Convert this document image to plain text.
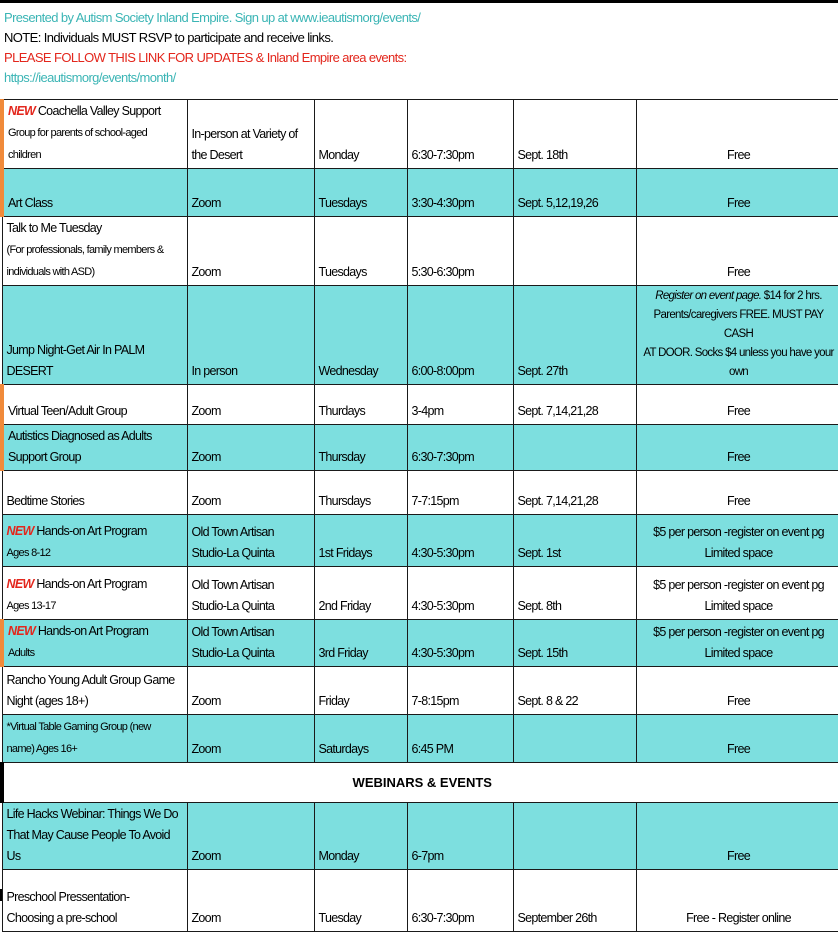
Presented by Autism Society Inland Empire. Sign up at www.ieautismorg/events/
NOTE: Individuals MUST RSVP to participate and receive links.
PLEASE FOLLOW THIS LINK FOR UPDATES & Inland Empire area events:
https://ieautismorg/events/month/
NEW Coachella Valley Support
Group for parents of school-aged
children	In-person at Variety of
the Desert	Monday	6:30-7:30pm	Sept. 18th	Free
Art Class	Zoom	Tuesdays	3:30-4:30pm	Sept. 5,12,19,26	Free
Talk to Me Tuesday
(For professionals, family members &
individuals with ASD)	Zoom	Tuesdays	5:30-6:30pm		Free
Jump Night-Get Air In PALM
DESERT	In person	Wednesday	6:00-8:00pm	Sept. 27th	Register on event page. $14 for 2 hrs.
Parents/caregivers FREE. MUST PAY CASH
AT DOOR. Socks $4 unless you have your
own
Virtual Teen/Adult Group	Zoom	Thurdays	3-4pm	Sept. 7,14,21,28	Free
Autistics Diagnosed as Adults
Support Group	Zoom	Thursday	6:30-7:30pm		Free
Bedtime Stories	Zoom	Thursdays	7-7:15pm	Sept. 7,14,21,28	Free
NEW Hands-on Art Program
Ages 8-12	Old Town Artisan
Studio-La Quinta	1st Fridays	4:30-5:30pm	Sept. 1st	$5 per person -register on event pg
Limited space
NEW Hands-on Art Program
Ages 13-17	Old Town Artisan
Studio-La Quinta	2nd Friday	4:30-5:30pm	Sept. 8th	$5 per person -register on event pg
Limited space
NEW Hands-on Art Program
Adults	Old Town Artisan
Studio-La Quinta	3rd Friday	4:30-5:30pm	Sept. 15th	$5 per person -register on event pg
Limited space
Rancho Young Adult Group Game
Night (ages 18+)	Zoom	Friday	7-8:15pm	Sept. 8 & 22	Free
*Virtual Table Gaming Group (new
name) Ages 16+	Zoom	Saturdays	6:45 PM		Free
WEBINARS & EVENTS					
Life Hacks Webinar: Things We Do
That May Cause People To Avoid
Us	Zoom	Monday	6-7pm		Free
Preschool Pressentation-
Choosing a pre-school	Zoom	Tuesday	6:30-7:30pm	September 26th	Free - Register online
